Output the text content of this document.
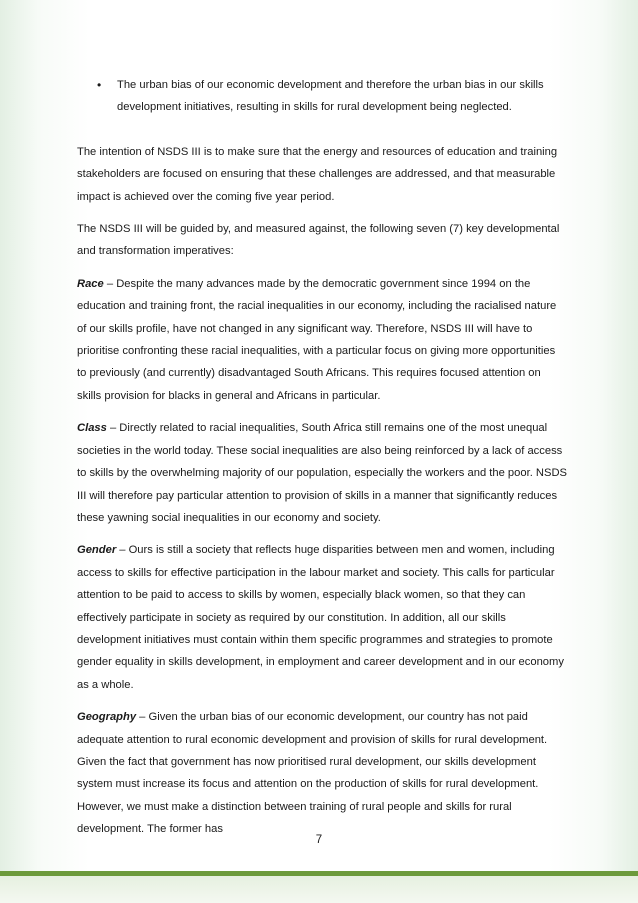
•	The urban bias of our economic development and therefore the urban bias in our skills development initiatives, resulting in skills for rural development being neglected.

The intention of NSDS III is to make sure that the energy and resources of education and training stakeholders are focused on ensuring that these challenges are addressed, and that measurable impact is achieved over the coming five year period.

The NSDS III will be guided by, and measured against, the following seven (7) key developmental and transformation imperatives:

Race – Despite the many advances made by the democratic government since 1994 on the education and training front, the racial inequalities in our economy, including the racialised nature of our skills profile, have not changed in any significant way. Therefore, NSDS III will have to prioritise confronting these racial inequalities, with a particular focus on giving more opportunities to previously (and currently) disadvantaged South Africans. This requires focused attention on skills provision for blacks in general and Africans in particular.

Class – Directly related to racial inequalities, South Africa still remains one of the most unequal societies in the world today. These social inequalities are also being reinforced by a lack of access to skills by the overwhelming majority of our population, especially the workers and the poor. NSDS III will therefore pay particular attention to provision of skills in a manner that significantly reduces these yawning social inequalities in our economy and society.

Gender – Ours is still a society that reflects huge disparities between men and women, including access to skills for effective participation in the labour market and society. This calls for particular attention to be paid to access to skills by women, especially black women, so that they can effectively participate in society as required by our constitution. In addition, all our skills development initiatives must contain within them specific programmes and strategies to promote gender equality in skills development, in employment and career development and in our economy as a whole.

Geography – Given the urban bias of our economic development, our country has not paid adequate attention to rural economic development and provision of skills for rural development. Given the fact that government has now prioritised rural development, our skills development system must increase its focus and attention on the production of skills for rural development. However, we must make a distinction between training of rural people and skills for rural development. The former has

7
